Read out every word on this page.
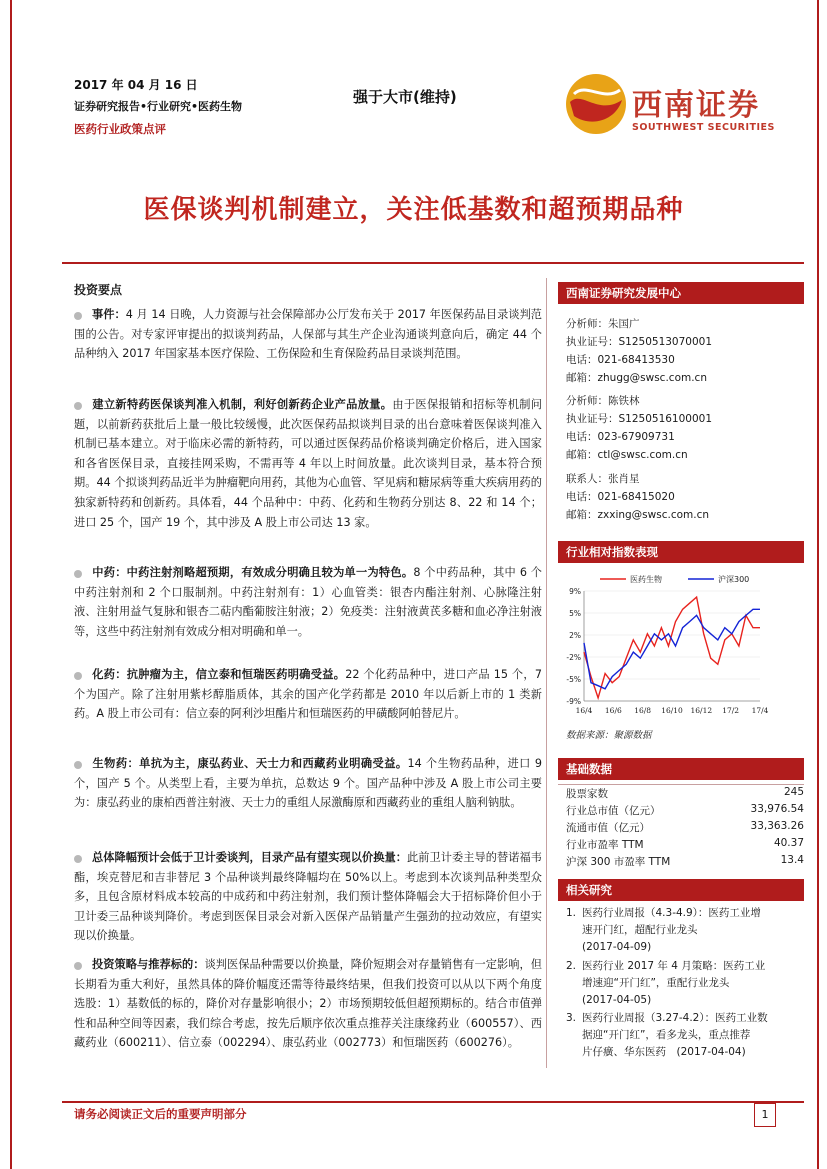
2017 年 04 月 16 日
证券研究报告•行业研究•医药生物
医药行业政策点评
强于大市(维持)	西南证券
SOUTHWEST SECURITIES
医保谈判机制建立，关注低基数和超预期品种
投资要点
事件：4 月 14 日晚，人力资源与社会保障部办公厅发布关于 2017 年医保药品目录谈判范围的公告。对专家评审提出的拟谈判药品，人保部与其生产企业沟通谈判意向后，确定 44 个品种纳入 2017 年国家基本医疗保险、工伤保险和生育保险药品目录谈判范围。
建立新特药医保谈判准入机制，利好创新药企业产品放量。由于医保报销和招标等机制问题，以前新药获批后上量一般比较缓慢，此次医保药品拟谈判目录的出台意味着医保谈判准入机制已基本建立。对于临床必需的新特药，可以通过医保药品价格谈判确定价格后，进入国家和各省医保目录，直接挂网采购，不需再等 4 年以上时间放量。此次谈判目录，基本符合预期。44 个拟谈判药品近半为肿瘤靶向用药，其他为心血管、罕见病和糖尿病等重大疾病用药的独家新特药和创新药。具体看，44 个品种中：中药、化药和生物药分别达 8、22 和 14 个；进口 25 个，国产 19 个，其中涉及 A 股上市公司达 13 家。
中药：中药注射剂略超预期，有效成分明确且较为单一为特色。8 个中药品种，其中 6 个中药注射剂和 2 个口服制剂。中药注射剂有：1）心血管类：银杏内酯注射剂、心脉隆注射液、注射用益气复脉和银杏二萜内酯葡胺注射液；2）免疫类：注射液黄芪多糖和血必净注射液等，这些中药注射剂有效成分相对明确和单一。
化药：抗肿瘤为主，信立泰和恒瑞医药明确受益。22 个化药品种中，进口产品 15 个，7 个为国产。除了注射用紫杉醇脂质体，其余的国产化学药都是 2010 年以后新上市的 1 类新药。A 股上市公司有：信立泰的阿利沙坦酯片和恒瑞医药的甲磺酸阿帕替尼片。
生物药：单抗为主，康弘药业、天士力和西藏药业明确受益。14 个生物药品种，进口 9 个，国产 5 个。从类型上看，主要为单抗，总数达 9 个。国产品种中涉及 A 股上市公司主要为：康弘药业的康柏西普注射液、天士力的重组人尿激酶原和西藏药业的重组人脑利钠肽。
总体降幅预计会低于卫计委谈判，目录产品有望实现以价换量：此前卫计委主导的替诺福韦酯，埃克替尼和吉非替尼 3 个品种谈判最终降幅均在 50%以上。考虑到本次谈判品种类型众多，且包含原材料成本较高的中成药和中药注射剂，我们预计整体降幅会大于招标降价但小于卫计委三品种谈判降价。考虑到医保目录会对新入医保产品销量产生强劲的拉动效应，有望实现以价换量。
投资策略与推荐标的：谈判医保品种需要以价换量，降价短期会对存量销售有一定影响，但长期看为重大利好，虽然具体的降价幅度还需等待最终结果，但我们投资可以从以下两个角度选股：1）基数低的标的，降价对存量影响很小；2）市场预期较低但超预期标的。结合市值弹性和品种空间等因素，我们综合考虑，按先后顺序依次重点推荐关注康缘药业（600557）、西藏药业（600211）、信立泰（002294）、康弘药业（002773）和恒瑞医药（600276）。
西南证券研究发展中心
分析师：朱国广
执业证号：S1250513070001
电话：021-68413530
邮箱：zhugg@swsc.com.cn
分析师：陈铁林
执业证号：S1250516100001
电话：023-67909731
邮箱：ctl@swsc.com.cn
联系人：张肖星
电话：021-68415020
邮箱：zxxing@swsc.com.cn
行业相对指数表现
9%
5%
2%
-2%
-5%
-9%
16/4 16/6 16/8 16/10 16/12 17/2 17/4
医药生物	沪深300
数据来源：聚源数据
基础数据
股票家数	245
行业总市值（亿元）	33,976.54
流通市值（亿元）	33,363.26
行业市盈率 TTM	40.37
沪深 300 市盈率 TTM	13.4
相关研究
1. 医药行业周报（4.3-4.9）：医药工业增
速开门红，超配行业龙头
(2017-04-09)
2. 医药行业 2017 年 4 月策略：医药工业
增速迎“开门红”，重配行业龙头
(2017-04-05)
3. 医药行业周报（3.27-4.2）：医药工业数
据迎“开门红”，看多龙头，重点推荐
片仔癀、华东医药　(2017-04-04)
请务必阅读正文后的重要声明部分	1
